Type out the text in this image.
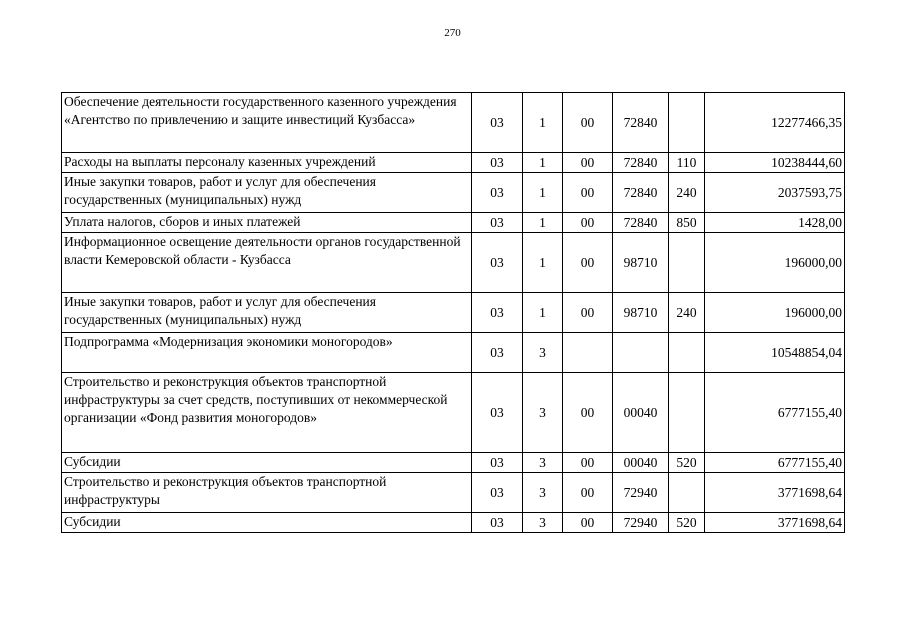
270
Обеспечение деятельности государственного казенного учреждения «Агентство по привлечению и защите инвестиций Кузбасса»	03	1	00	72840		12277466,35
Расходы на выплаты персоналу казенных учреждений	03	1	00	72840	110	10238444,60
Иные закупки товаров, работ и услуг для обеспечения государственных (муниципальных) нужд	03	1	00	72840	240	2037593,75
Уплата налогов, сборов и иных платежей	03	1	00	72840	850	1428,00
Информационное освещение деятельности органов государственной власти Кемеровской области - Кузбасса	03	1	00	98710		196000,00
Иные закупки товаров, работ и услуг для обеспечения государственных (муниципальных) нужд	03	1	00	98710	240	196000,00
Подпрограмма «Модернизация экономики моногородов»	03	3				10548854,04
Строительство и реконструкция объектов транспортной инфраструктуры за счет средств, поступивших от некоммерческой организации «Фонд развития моногородов»	03	3	00	00040		6777155,40
Субсидии	03	3	00	00040	520	6777155,40
Строительство и реконструкция объектов транспортной инфраструктуры	03	3	00	72940		3771698,64
Субсидии	03	3	00	72940	520	3771698,64
